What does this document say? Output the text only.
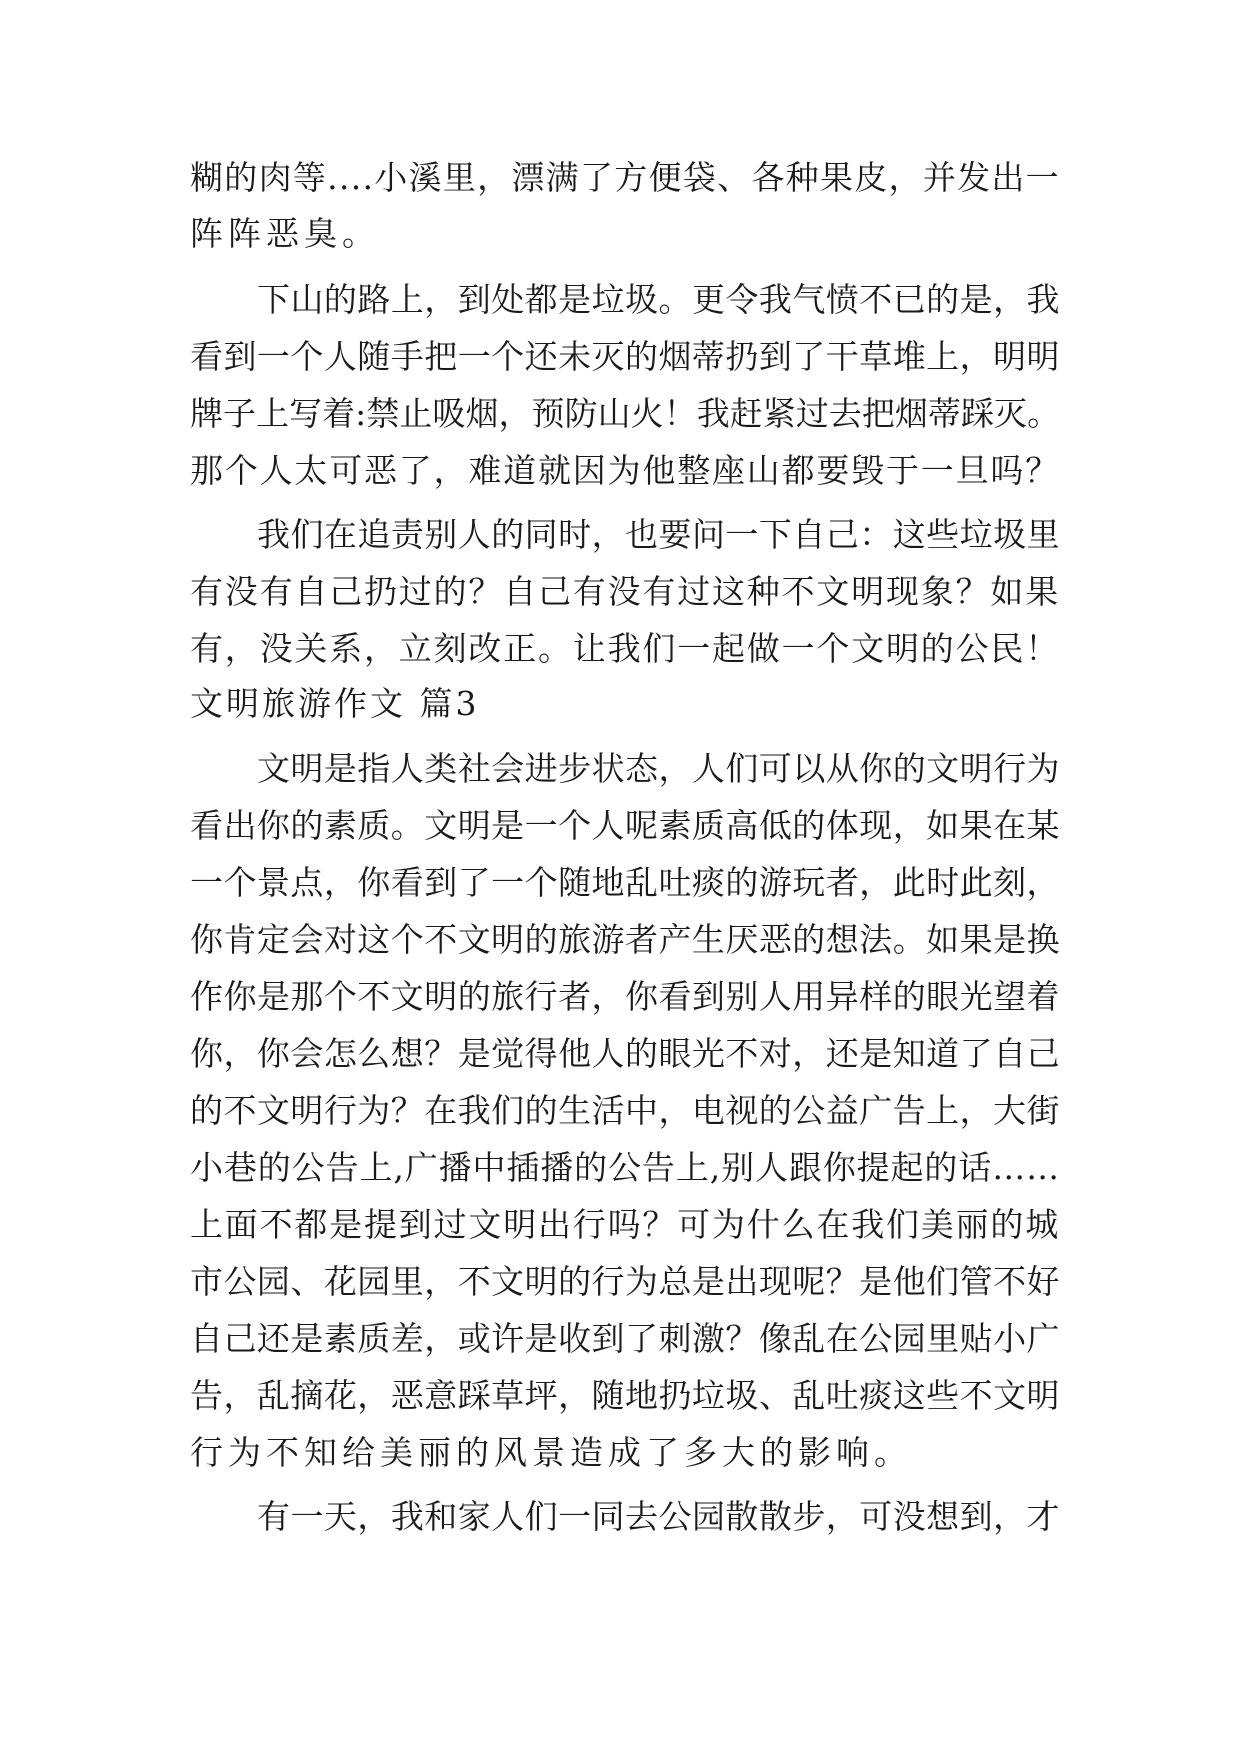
糊的肉等....小溪里，漂满了方便袋、各种果皮，并发出一
阵阵恶臭。
下山的路上，到处都是垃圾。更令我气愤不已的是，我
看到一个人随手把一个还未灭的烟蒂扔到了干草堆上，明明
牌子上写着:禁止吸烟，预防山火！我赶紧过去把烟蒂踩灭。
那个人太可恶了，难道就因为他整座山都要毁于一旦吗？
我们在追责别人的同时，也要问一下自己：这些垃圾里
有没有自己扔过的？自己有没有过这种不文明现象？如果
有，没关系，立刻改正。让我们一起做一个文明的公民！
文明旅游作文 篇3
文明是指人类社会进步状态，人们可以从你的文明行为
看出你的素质。文明是一个人呢素质高低的体现，如果在某
一个景点，你看到了一个随地乱吐痰的游玩者，此时此刻，
你肯定会对这个不文明的旅游者产生厌恶的想法。如果是换
作你是那个不文明的旅行者，你看到别人用异样的眼光望着
你，你会怎么想？是觉得他人的眼光不对，还是知道了自己
的不文明行为？在我们的生活中，电视的公益广告上，大街
小巷的公告上,广播中插播的公告上,别人跟你提起的话……
上面不都是提到过文明出行吗？可为什么在我们美丽的城
市公园、花园里，不文明的行为总是出现呢？是他们管不好
自己还是素质差，或许是收到了刺激？像乱在公园里贴小广
告，乱摘花，恶意踩草坪，随地扔垃圾、乱吐痰这些不文明
行为不知给美丽的风景造成了多大的影响。
有一天，我和家人们一同去公园散散步，可没想到，才
